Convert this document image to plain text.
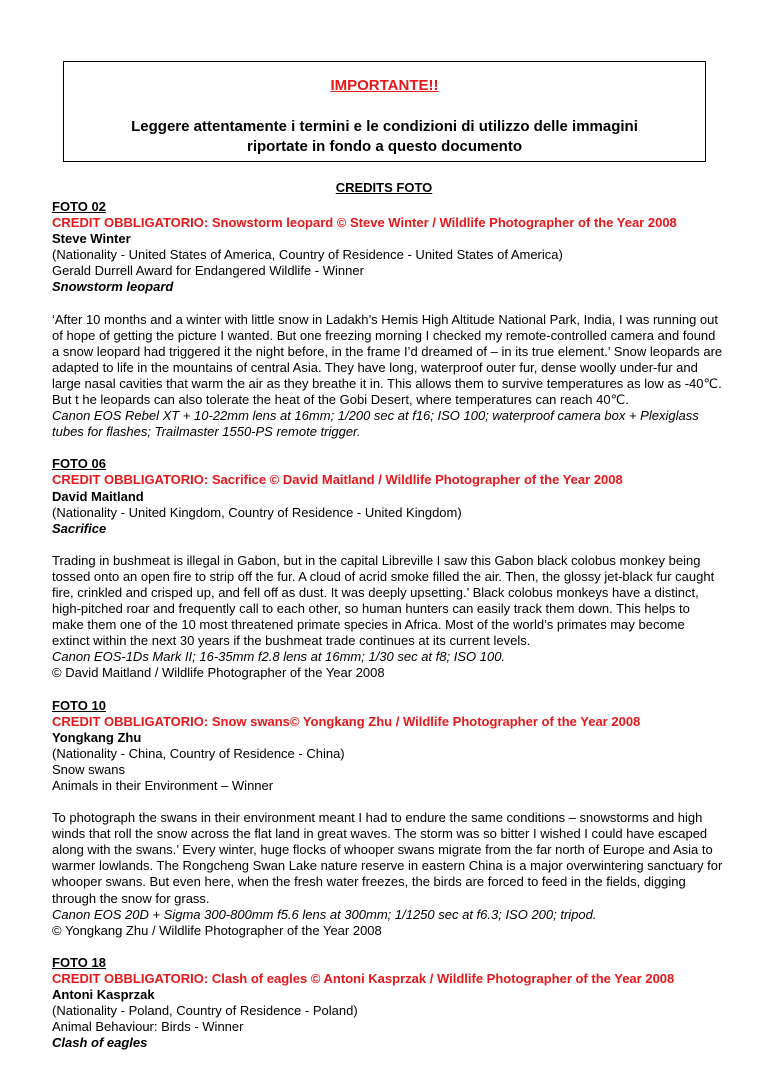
IMPORTANTE!!
Leggere attentamente i termini e le condizioni di utilizzo delle immagini riportate in fondo a questo documento
CREDITS FOTO

FOTO 02

CREDIT OBBLIGATORIO: Snowstorm leopard © Steve Winter / Wildlife Photographer of the Year 2008

Steve Winter

(Nationality - United States of America, Country of Residence - United States of America)

Gerald Durrell Award for Endangered Wildlife - Winner

Snowstorm leopard

‘After 10 months and a winter with little snow in Ladakh’s Hemis High Altitude National Park, India, I was running out of hope of getting the picture I wanted. But one freezing morning I checked my remote-controlled camera and found a snow leopard had triggered it the night before, in the frame I’d dreamed of – in its true element.’ Snow leopards are adapted to life in the mountains of central Asia. They have long, waterproof outer fur, dense woolly under-fur and large nasal cavities that warm the air as they breathe it in. This allows them to survive temperatures as low as -40℃. But t he leopards can also tolerate the heat of the Gobi Desert, where temperatures can reach 40℃.

Canon EOS Rebel XT + 10-22mm lens at 16mm; 1/200 sec at f16; ISO 100; waterproof camera box + Plexiglass tubes for flashes; Trailmaster 1550-PS remote trigger.

FOTO 06

CREDIT OBBLIGATORIO: Sacrifice © David Maitland / Wildlife Photographer of the Year 2008

David Maitland

(Nationality - United Kingdom, Country of Residence - United Kingdom)

Sacrifice

Trading in bushmeat is illegal in Gabon, but in the capital Libreville I saw this Gabon black colobus monkey being tossed onto an open fire to strip off the fur. A cloud of acrid smoke filled the air. Then, the glossy jet-black fur caught fire, crinkled and crisped up, and fell off as dust. It was deeply upsetting.’ Black colobus monkeys have a distinct, high-pitched roar and frequently call to each other, so human hunters can easily track them down. This helps to make them one of the 10 most threatened primate species in Africa. Most of the world’s primates may become extinct within the next 30 years if the bushmeat trade continues at its current levels.

Canon EOS-1Ds Mark II; 16-35mm f2.8 lens at 16mm; 1/30 sec at f8; ISO 100.

© David Maitland / Wildlife Photographer of the Year 2008

FOTO 10

CREDIT OBBLIGATORIO: Snow swans© Yongkang Zhu / Wildlife Photographer of the Year 2008

Yongkang Zhu

(Nationality - China, Country of Residence - China)

Snow swans

Animals in their Environment – Winner

To photograph the swans in their environment meant I had to endure the same conditions – snowstorms and high winds that roll the snow across the flat land in great waves. The storm was so bitter I wished I could have escaped along with the swans.’ Every winter, huge flocks of whooper swans migrate from the far north of Europe and Asia to warmer lowlands. The Rongcheng Swan Lake nature reserve in eastern China is a major overwintering sanctuary for whooper swans. But even here, when the fresh water freezes, the birds are forced to feed in the fields, digging through the snow for grass.

Canon EOS 20D + Sigma 300-800mm f5.6 lens at 300mm; 1/1250 sec at f6.3; ISO 200; tripod.

© Yongkang Zhu / Wildlife Photographer of the Year 2008

FOTO 18

CREDIT OBBLIGATORIO: Clash of eagles © Antoni Kasprzak / Wildlife Photographer of the Year 2008

Antoni Kasprzak

(Nationality - Poland, Country of Residence - Poland)

Animal Behaviour: Birds - Winner

Clash of eagles
